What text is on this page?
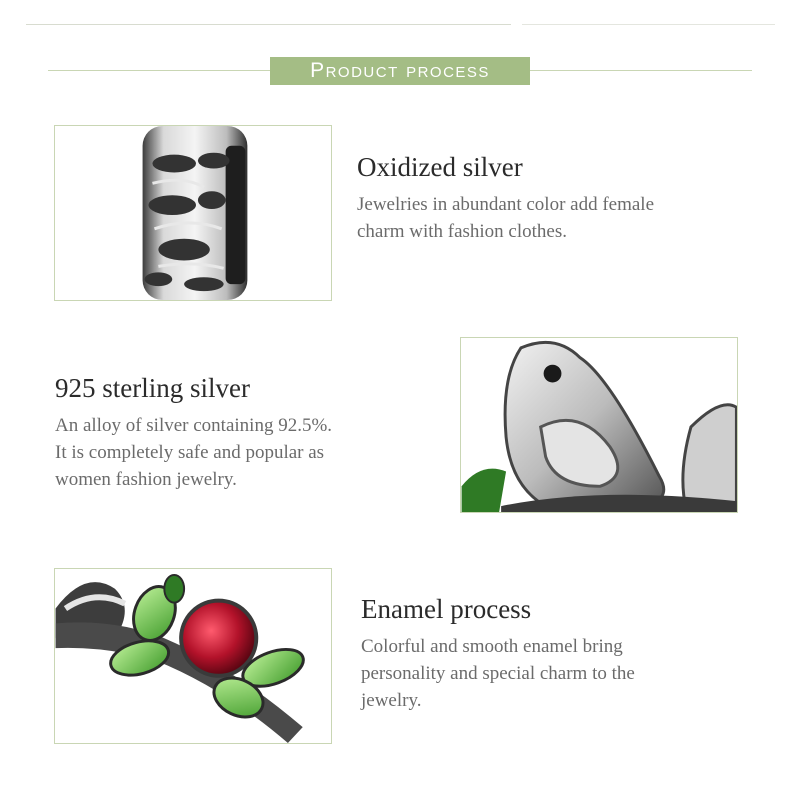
Product process
Oxidized silver

Jewelries in abundant color add female
charm with fashion clothes.

925 sterling silver

An alloy of silver containing 92.5%.
It is completely safe and popular as
women fashion jewelry.

Enamel process

Colorful and smooth enamel bring
personality and special charm to the
jewelry.
